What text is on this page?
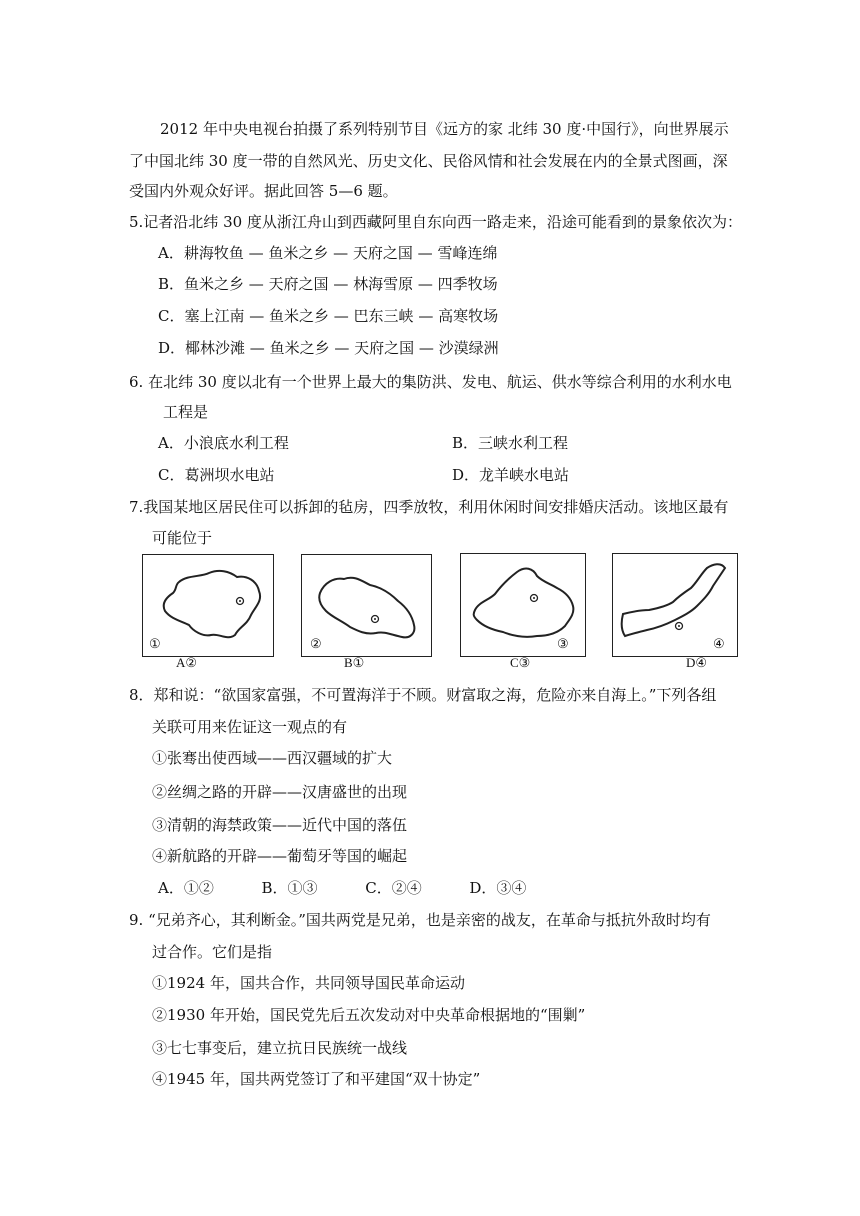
2012 年中央电视台拍摄了系列特别节目《远方的家 北纬 30 度·中国行》，向世界展示
了中国北纬 30 度一带的自然风光、历史文化、民俗风情和社会发展在内的全景式图画，深
受国内外观众好评。据此回答 5—6 题。
5.记者沿北纬 30 度从浙江舟山到西藏阿里自东向西一路走来，沿途可能看到的景象依次为：
A．耕海牧鱼 — 鱼米之乡 — 天府之国 — 雪峰连绵
B．鱼米之乡 — 天府之国 — 林海雪原 — 四季牧场
C．塞上江南 — 鱼米之乡 — 巴东三峡 — 高寒牧场
D．椰林沙滩 — 鱼米之乡 — 天府之国 — 沙漠绿洲
6. 在北纬 30 度以北有一个世界上最大的集防洪、发电、航运、供水等综合利用的水利水电
工程是
A．小浪底水利工程	B．三峡水利工程
C．葛洲坝水电站	D．龙羊峡水电站
7.我国某地区居民住可以拆卸的毡房，四季放牧，利用休闲时间安排婚庆活动。该地区最有
可能位于
①
A②
②
B①
③
C③
④
D④
8．郑和说：“欲国家富强，不可置海洋于不顾。财富取之海，危险亦来自海上。”下列各组
关联可用来佐证这一观点的有
①张骞出使西域——西汉疆域的扩大
②丝绸之路的开辟——汉唐盛世的出现
③清朝的海禁政策——近代中国的落伍
④新航路的开辟——葡萄牙等国的崛起
A．①②          B．①③          C．②④          D．③④
9. “兄弟齐心，其利断金。”国共两党是兄弟，也是亲密的战友，在革命与抵抗外敌时均有
过合作。它们是指
①1924 年，国共合作，共同领导国民革命运动
②1930 年开始，国民党先后五次发动对中央革命根据地的“围剿”
③七七事变后，建立抗日民族统一战线
④1945 年，国共两党签订了和平建国“双十协定”
